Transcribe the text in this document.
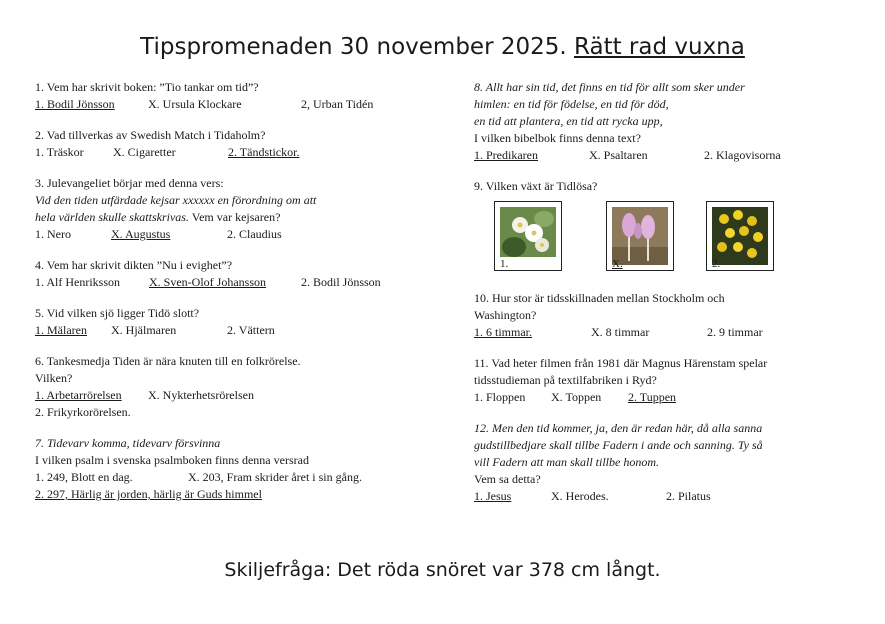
Tipspromenaden 30 november 2025. Rätt rad vuxna
1. Vem har skrivit boken: ”Tio tankar om tid”?
1. Bodil Jönsson	X. Ursula Klockare	2, Urban Tidén
2. Vad tillverkas av Swedish Match i Tidaholm?
1. Träskor X. Cigaretter	2. Tändstickor.
3. Julevangeliet börjar med denna vers:
Vid den tiden utfärdade kejsar xxxxxx en förordning om att
hela världen skulle skattskrivas. Vem var kejsaren?
1. Nero	X. Augustus	2. Claudius
4. Vem har skrivit dikten ”Nu i evighet”?
1. Alf Henriksson X. Sven-Olof Johansson	2. Bodil Jönsson
5. Vid vilken sjö ligger Tidö slott?
1. Mälaren X. Hjälmaren	2. Vättern
6. Tankesmedja Tiden är nära knuten till en folkrörelse.
Vilken?
1. Arbetarrörelsen X. Nykterhetsrörelsen
2. Frikyrkorörelsen.
7. Tidevarv komma, tidevarv försvinna
I vilken psalm i svenska psalmboken finns denna versrad
1. 249, Blott en dag.	X. 203, Fram skrider året i sin gång.
2. 297, Härlig är jorden, härlig är Guds himmel
8. Allt har sin tid, det finns en tid för allt som sker under
himlen: en tid för födelse, en tid för död,
en tid att plantera, en tid att rycka upp,
I vilken bibelbok finns denna text?
1. Predikaren	X. Psaltaren	2. Klagovisorna
9. Vilken växt är Tidlösa?
1.	X.	2.
10. Hur stor är tidsskillnaden mellan Stockholm och
Washington?
1. 6 timmar.	X. 8 timmar	2. 9 timmar
11. Vad heter filmen från 1981 där Magnus Härenstam spelar
tidsstudieman på textilfabriken i Ryd?
1. Floppen X. Toppen 2. Tuppen
12. Men den tid kommer, ja, den är redan här, då alla sanna
gudstillbedjare skall tillbe Fadern i ande och sanning. Ty så
vill Fadern att man skall tillbe honom.
Vem sa detta?
1. Jesus	X. Herodes.	2. Pilatus
Skiljefråga: Det röda snöret var 378 cm långt.
